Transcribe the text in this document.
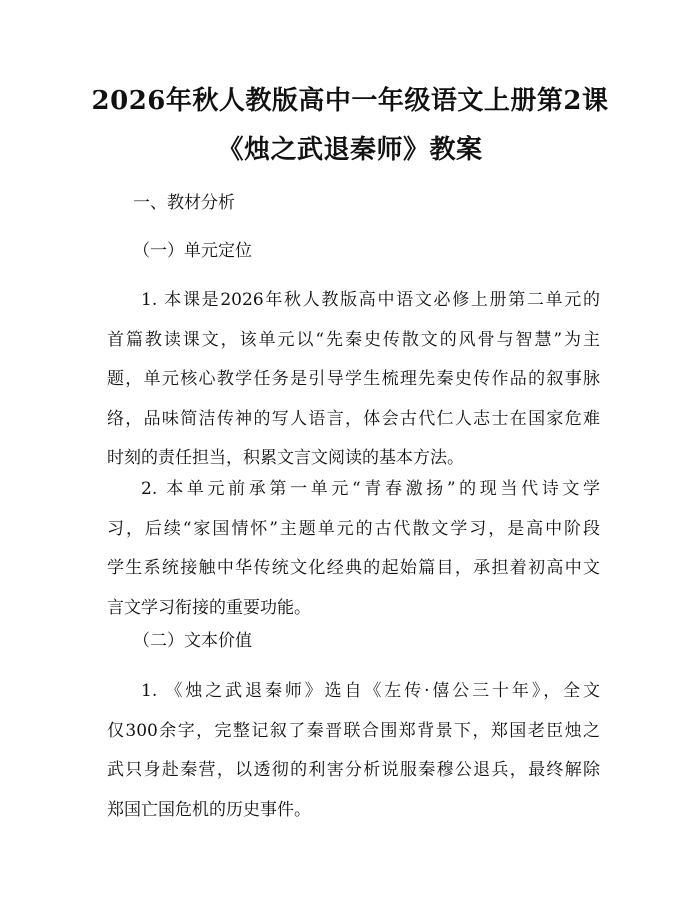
2026年秋人教版高中一年级语文上册第2课
《烛之武退秦师》教案

一、教材分析

（一）单元定位

1. 本课是2026年秋人教版高中语文必修上册第二单元的
首篇教读课文，该单元以“先秦史传散文的风骨与智慧”为主
题，单元核心教学任务是引导学生梳理先秦史传作品的叙事脉
络，品味简洁传神的写人语言，体会古代仁人志士在国家危难
时刻的责任担当，积累文言文阅读的基本方法。

2. 本单元前承第一单元“青春激扬”的现当代诗文学
习，后续“家国情怀”主题单元的古代散文学习，是高中阶段
学生系统接触中华传统文化经典的起始篇目，承担着初高中文
言文学习衔接的重要功能。

（二）文本价值

1. 《烛之武退秦师》选自《左传·僖公三十年》，全文
仅300余字，完整记叙了秦晋联合围郑背景下，郑国老臣烛之
武只身赴秦营，以透彻的利害分析说服秦穆公退兵，最终解除
郑国亡国危机的历史事件。
